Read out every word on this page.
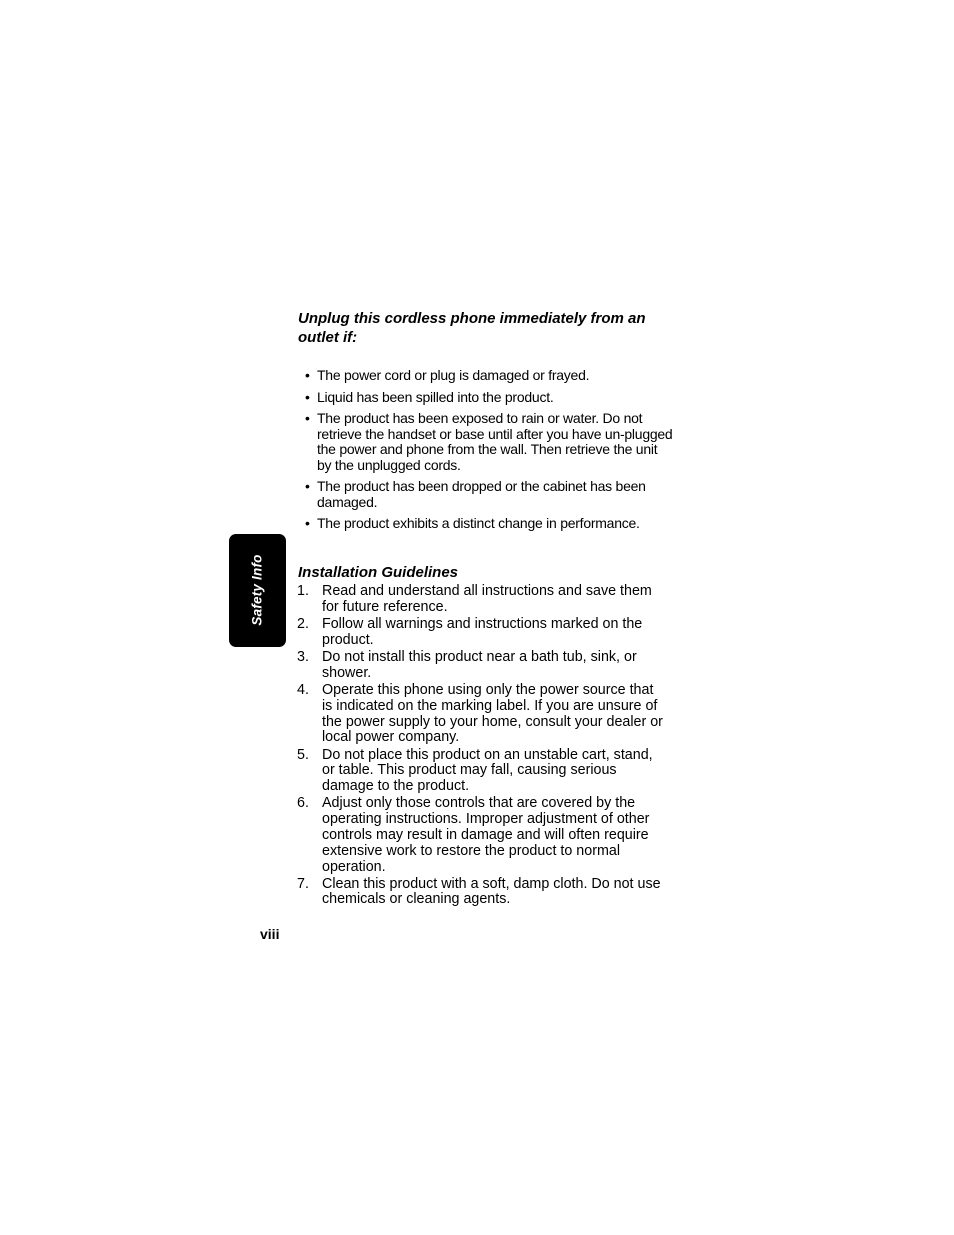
Safety Info
Unplug this cordless phone immediately from an outlet if:
• The power cord or plug is damaged or frayed.
• Liquid has been spilled into the product.
• The product has been exposed to rain or water. Do not retrieve the handset or base until after you have un-plugged the power and phone from the wall. Then retrieve the unit by the unplugged cords.
• The product has been dropped or the cabinet has been damaged.
• The product exhibits a distinct change in performance.
Installation Guidelines
1. Read and understand all instructions and save them for future reference.
2. Follow all warnings and instructions marked on the product.
3. Do not install this product near a bath tub, sink, or shower.
4. Operate this phone using only the power source that is indicated on the marking label. If you are unsure of the power supply to your home, consult your dealer or local power company.
5. Do not place this product on an unstable cart, stand, or table. This product may fall, causing serious damage to the product.
6. Adjust only those controls that are covered by the operating instructions. Improper adjustment of other controls may result in damage and will often require extensive work to restore the product to normal operation.
7. Clean this product with a soft, damp cloth. Do not use chemicals or cleaning agents.
viii
